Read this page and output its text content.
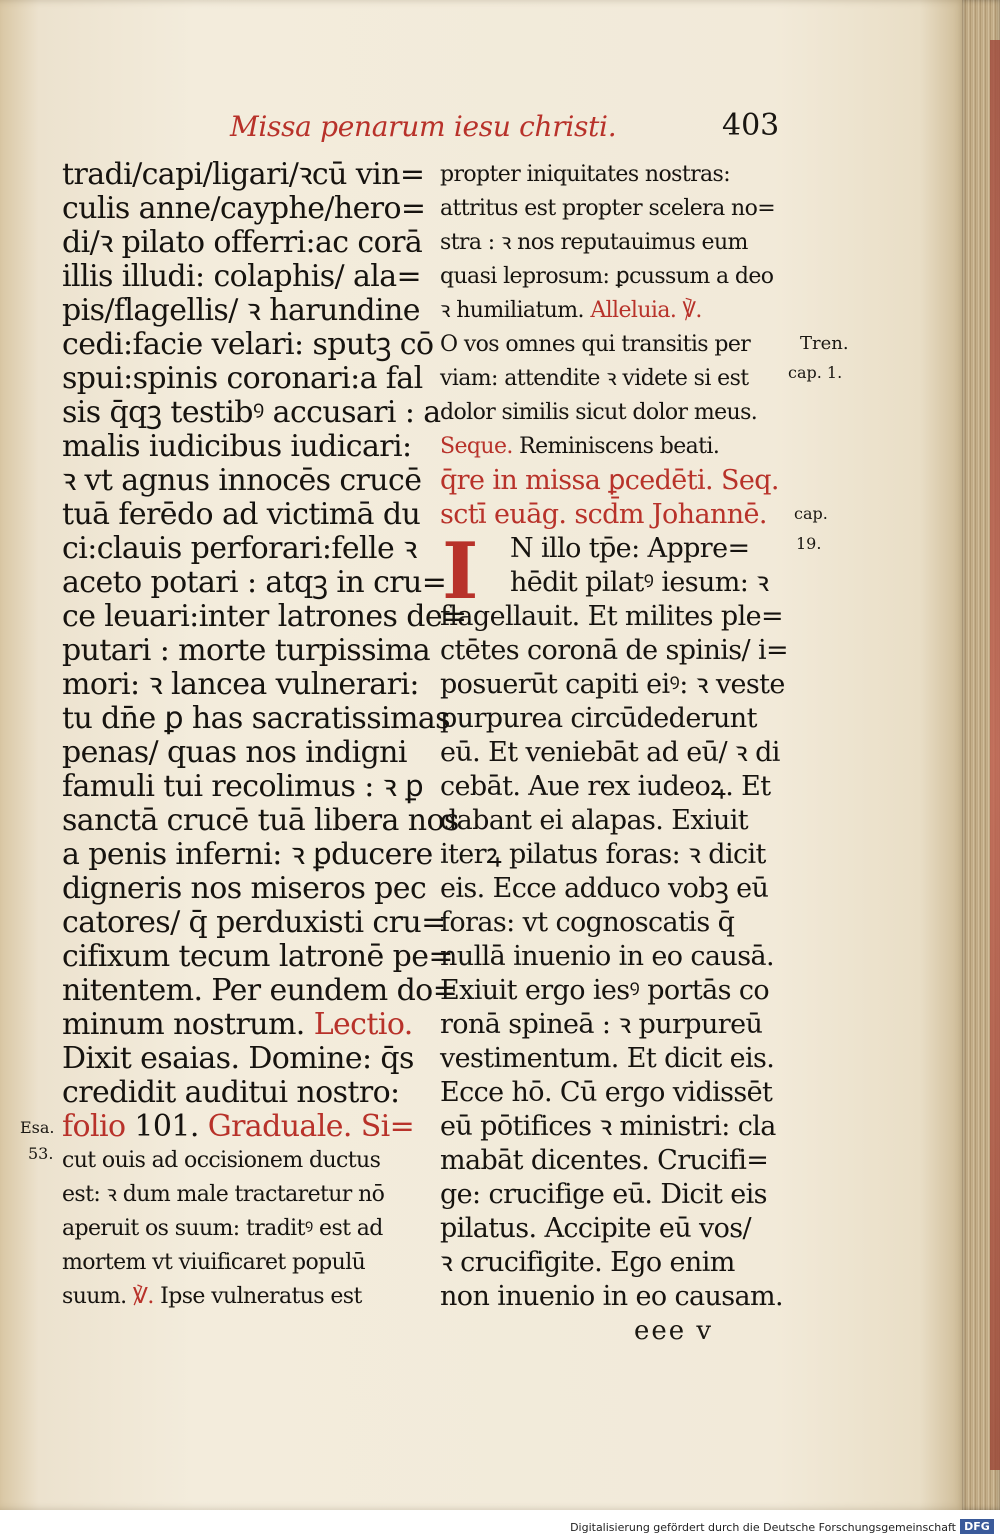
Missa penarum iesu christi.	403
tradi/capi/ligari/ꝛcū vin=
culis anne/cayphe/hero=
di/ꝛ pilato offerri:ac corā
illis illudi: colaphis/ ala=
pis/flagellis/ ꝛ harundine
cedi:facie velari: sputꝫ cō
spui:spinis coronari:a fal
sis q̄qꝫ testibꝰ accusari : a
malis iudicibus iudicari:
ꝛ vt agnus innocēs crucē
tuā ferēdo ad victimā du
ci:clauis perforari:felle ꝛ
aceto potari : atqꝫ in cru=
ce leuari:inter latrones de=
putari : morte turpissima
mori: ꝛ lancea vulnerari:
tu dn̄e ꝑ has sacratissimas
penas/ quas nos indigni
famuli tui recolimus : ꝛ ꝑ
sanctā crucē tuā libera nos
a penis inferni: ꝛ ꝑducere
digneris nos miseros pec
catores/ q̄ perduxisti cru=
cifixum tecum latronē pe=
nitentem. Per eundem do=
minum nostrum. Lectio.
Dixit esaias. Domine: q̄s
credidit auditui nostro:
folio 101. Graduale. Si=
cut ouis ad occisionem ductus
est: ꝛ dum male tractaretur nō
aperuit os suum: traditꝰ est ad
mortem vt viuificaret populū
suum. ℣. Ipse vulneratus est
propter iniquitates nostras:
attritus est propter scelera no=
stra : ꝛ nos reputauimus eum
quasi leprosum: ꝑcussum a deo
ꝛ humiliatum. Alleluia. ℣.
O vos omnes qui transitis per
viam: attendite ꝛ videte si est
dolor similis sicut dolor meus.
Seque. Reminiscens beati.
q̄re in missa ꝑcedēti. Seq.
sctī euāg. scd̄m Johannē.
N illo tp̄e: Appre=
hēdit pilatꝰ iesum: ꝛ
flagellauit. Et milites ple=
ctētes coronā de spinis/ i=
posuerūt capiti eiꝰ: ꝛ veste
purpurea circūdederunt
eū. Et veniebāt ad eū/ ꝛ di
cebāt. Aue rex iudeoꝝ. Et
dabant ei alapas. Exiuit
iterꝝ pilatus foras: ꝛ dicit
eis. Ecce adduco vobꝫ eū
foras: vt cognoscatis q̄
nullā inuenio in eo causā.
Exiuit ergo iesꝰ portās co
ronā spineā : ꝛ purpureū
vestimentum. Et dicit eis.
Ecce hō. Cū ergo vidissēt
eū pōtifices ꝛ ministri: cla
mabāt dicentes. Crucifi=
ge: crucifige eū. Dicit eis
pilatus. Accipite eū vos/
ꝛ crucifigite. Ego enim
non inuenio in eo causam.
I
Tren.
cap. 1.
cap.
19.
Esa.
53.
eee v
Digitalisierung gefördert durch die Deutsche Forschungsgemeinschaft DFG
